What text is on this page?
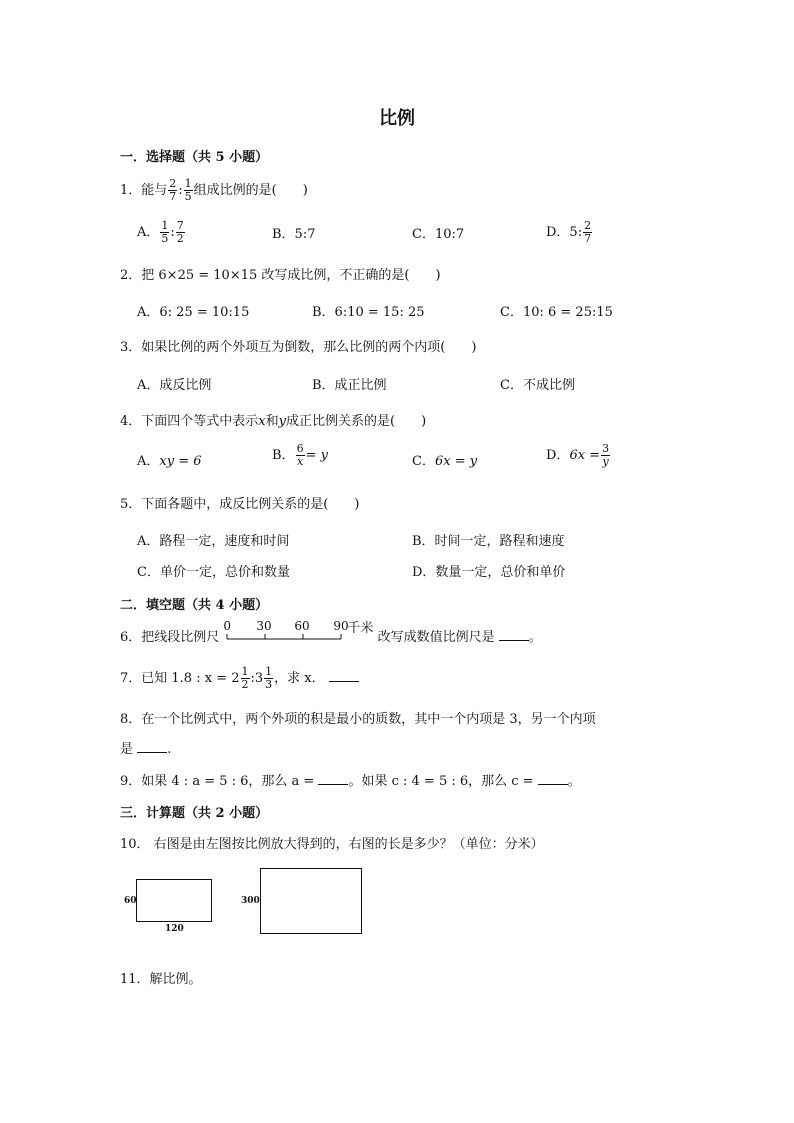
比例
一．选择题（共 5 小题）
1．能与 $\frac{2}{7}$ : $\frac{1}{5}$ 组成比例的是( )
A． $\frac{1}{5}$ : $\frac{7}{2}$	B．5:7	C．10:7	D．5: $\frac{2}{7}$
2．把 6×25 = 10×15 改写成比例，不正确的是( )
A．6: 25 = 10:15	B．6:10 = 15: 25	C．10: 6 = 25:15
3．如果比例的两个外项互为倒数，那么比例的两个内项( )
A．成反比例	B．成正比例	C．不成比例
4．下面四个等式中表示x和y成正比例关系的是( )
A．xy = 6	B． $\frac{6}{x} = y$	C．6x = y	D．$6x = \frac{3}{y}$
5．下面各题中，成反比例关系的是( )
A．路程一定，速度和时间	B．时间一定，路程和速度
C．单价一定，总价和数量	D．数量一定，总价和单价
二．填空题（共 4 小题）
6．把线段比例尺
0 30 60 90
千米
改写成数值比例尺是	。
7．已知 1.8 : $x = 2 \frac{1}{2}$ : $3 \frac{1}{3}$ ，求 x．
8．在一个比例式中，两个外项的积是最小的质数，其中一个内项是 3，另一个内项
是	.
9．如果 4 : a = 5 : 6，那么 a =	。如果 c : 4 = 5 : 6，那么 c =	。
三．计算题（共 2 小题）
10． 右图是由左图按比例放大得到的，右图的长是多少？（单位：分米）
60
120
300
11．解比例。
